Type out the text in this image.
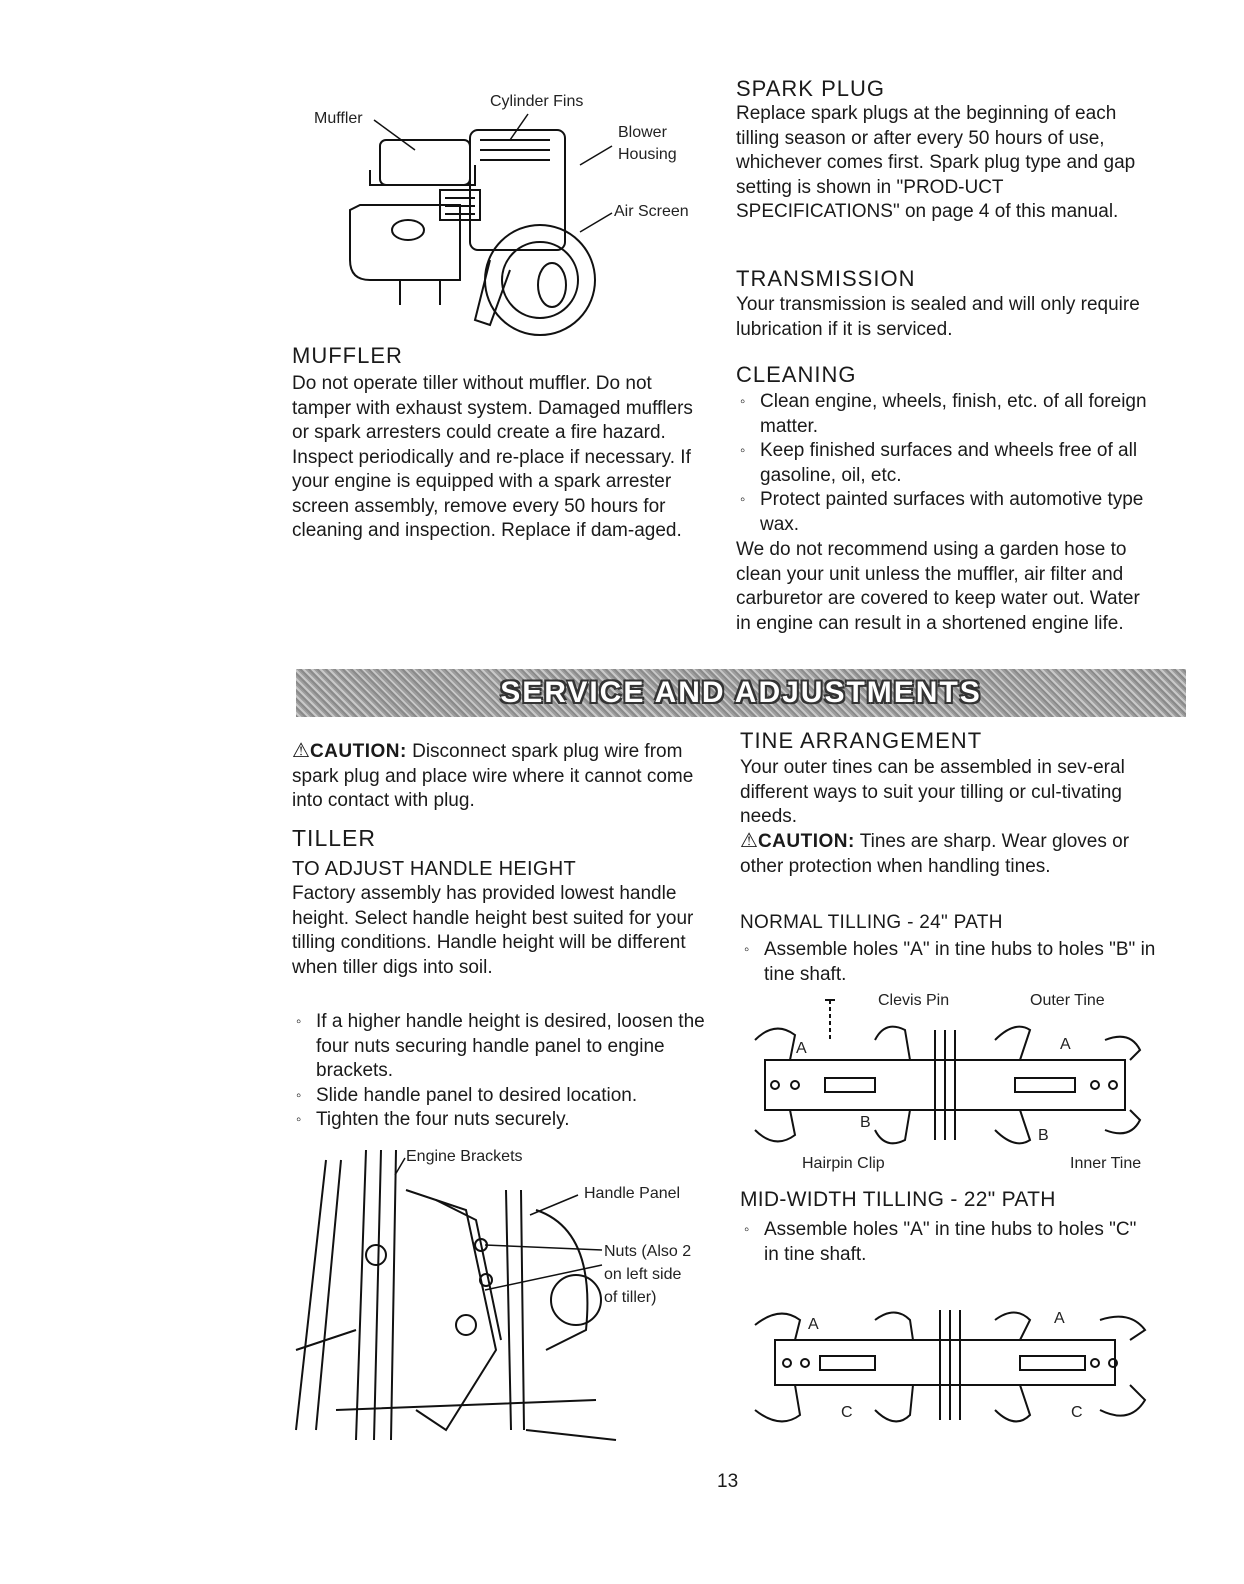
Muffler
Cylinder Fins
Blower
Housing
Air Screen
MUFFLER

Do not operate tiller without muffler. Do not tamper with exhaust system. Damaged mufflers or spark arresters could create a fire hazard. Inspect periodically and re-place if necessary. If your engine is equipped with a spark arrester screen assembly, remove every 50 hours for cleaning and inspection. Replace if dam-aged.

SPARK PLUG

Replace spark plugs at the beginning of each tilling season or after every 50 hours of use, whichever comes first. Spark plug type and gap setting is shown in "PROD-UCT SPECIFICATIONS" on page 4 of this manual.

TRANSMISSION

Your transmission is sealed and will only require lubrication if it is serviced.

CLEANING
◦ Clean engine, wheels, finish, etc. of all foreign matter.
◦ Keep finished surfaces and wheels free of all gasoline, oil, etc.
◦ Protect painted surfaces with automotive type wax.

We do not recommend using a garden hose to clean your unit unless the muffler, air filter and carburetor are covered to keep water out. Water in engine can result in a shortened engine life.

SERVICE AND ADJUSTMENTS

⚠CAUTION: Disconnect spark plug wire from spark plug and place wire where it cannot come into contact with plug.

TILLER
TO ADJUST HANDLE HEIGHT

Factory assembly has provided lowest handle height. Select handle height best suited for your tilling conditions. Handle height will be different when tiller digs into soil.

◦ If a higher handle height is desired, loosen the four nuts securing handle panel to engine brackets.
◦ Slide handle panel to desired location.
◦ Tighten the four nuts securely.
Engine Brackets
Handle Panel
Nuts (Also 2
on left side
of tiller)
TINE ARRANGEMENT

Your outer tines can be assembled in sev-eral different ways to suit your tilling or cul-tivating needs.

⚠CAUTION: Tines are sharp. Wear gloves or other protection when handling tines.

NORMAL TILLING - 24" PATH
◦ Assemble holes "A" in tine hubs to holes "B" in tine shaft.
Clevis Pin	Outer Tine
A	A
B
B
Hairpin Clip	Inner Tine
MID-WIDTH TILLING - 22" PATH
◦ Assemble holes "A" in tine hubs to holes "C" in tine shaft.
A	A
C	C
13
